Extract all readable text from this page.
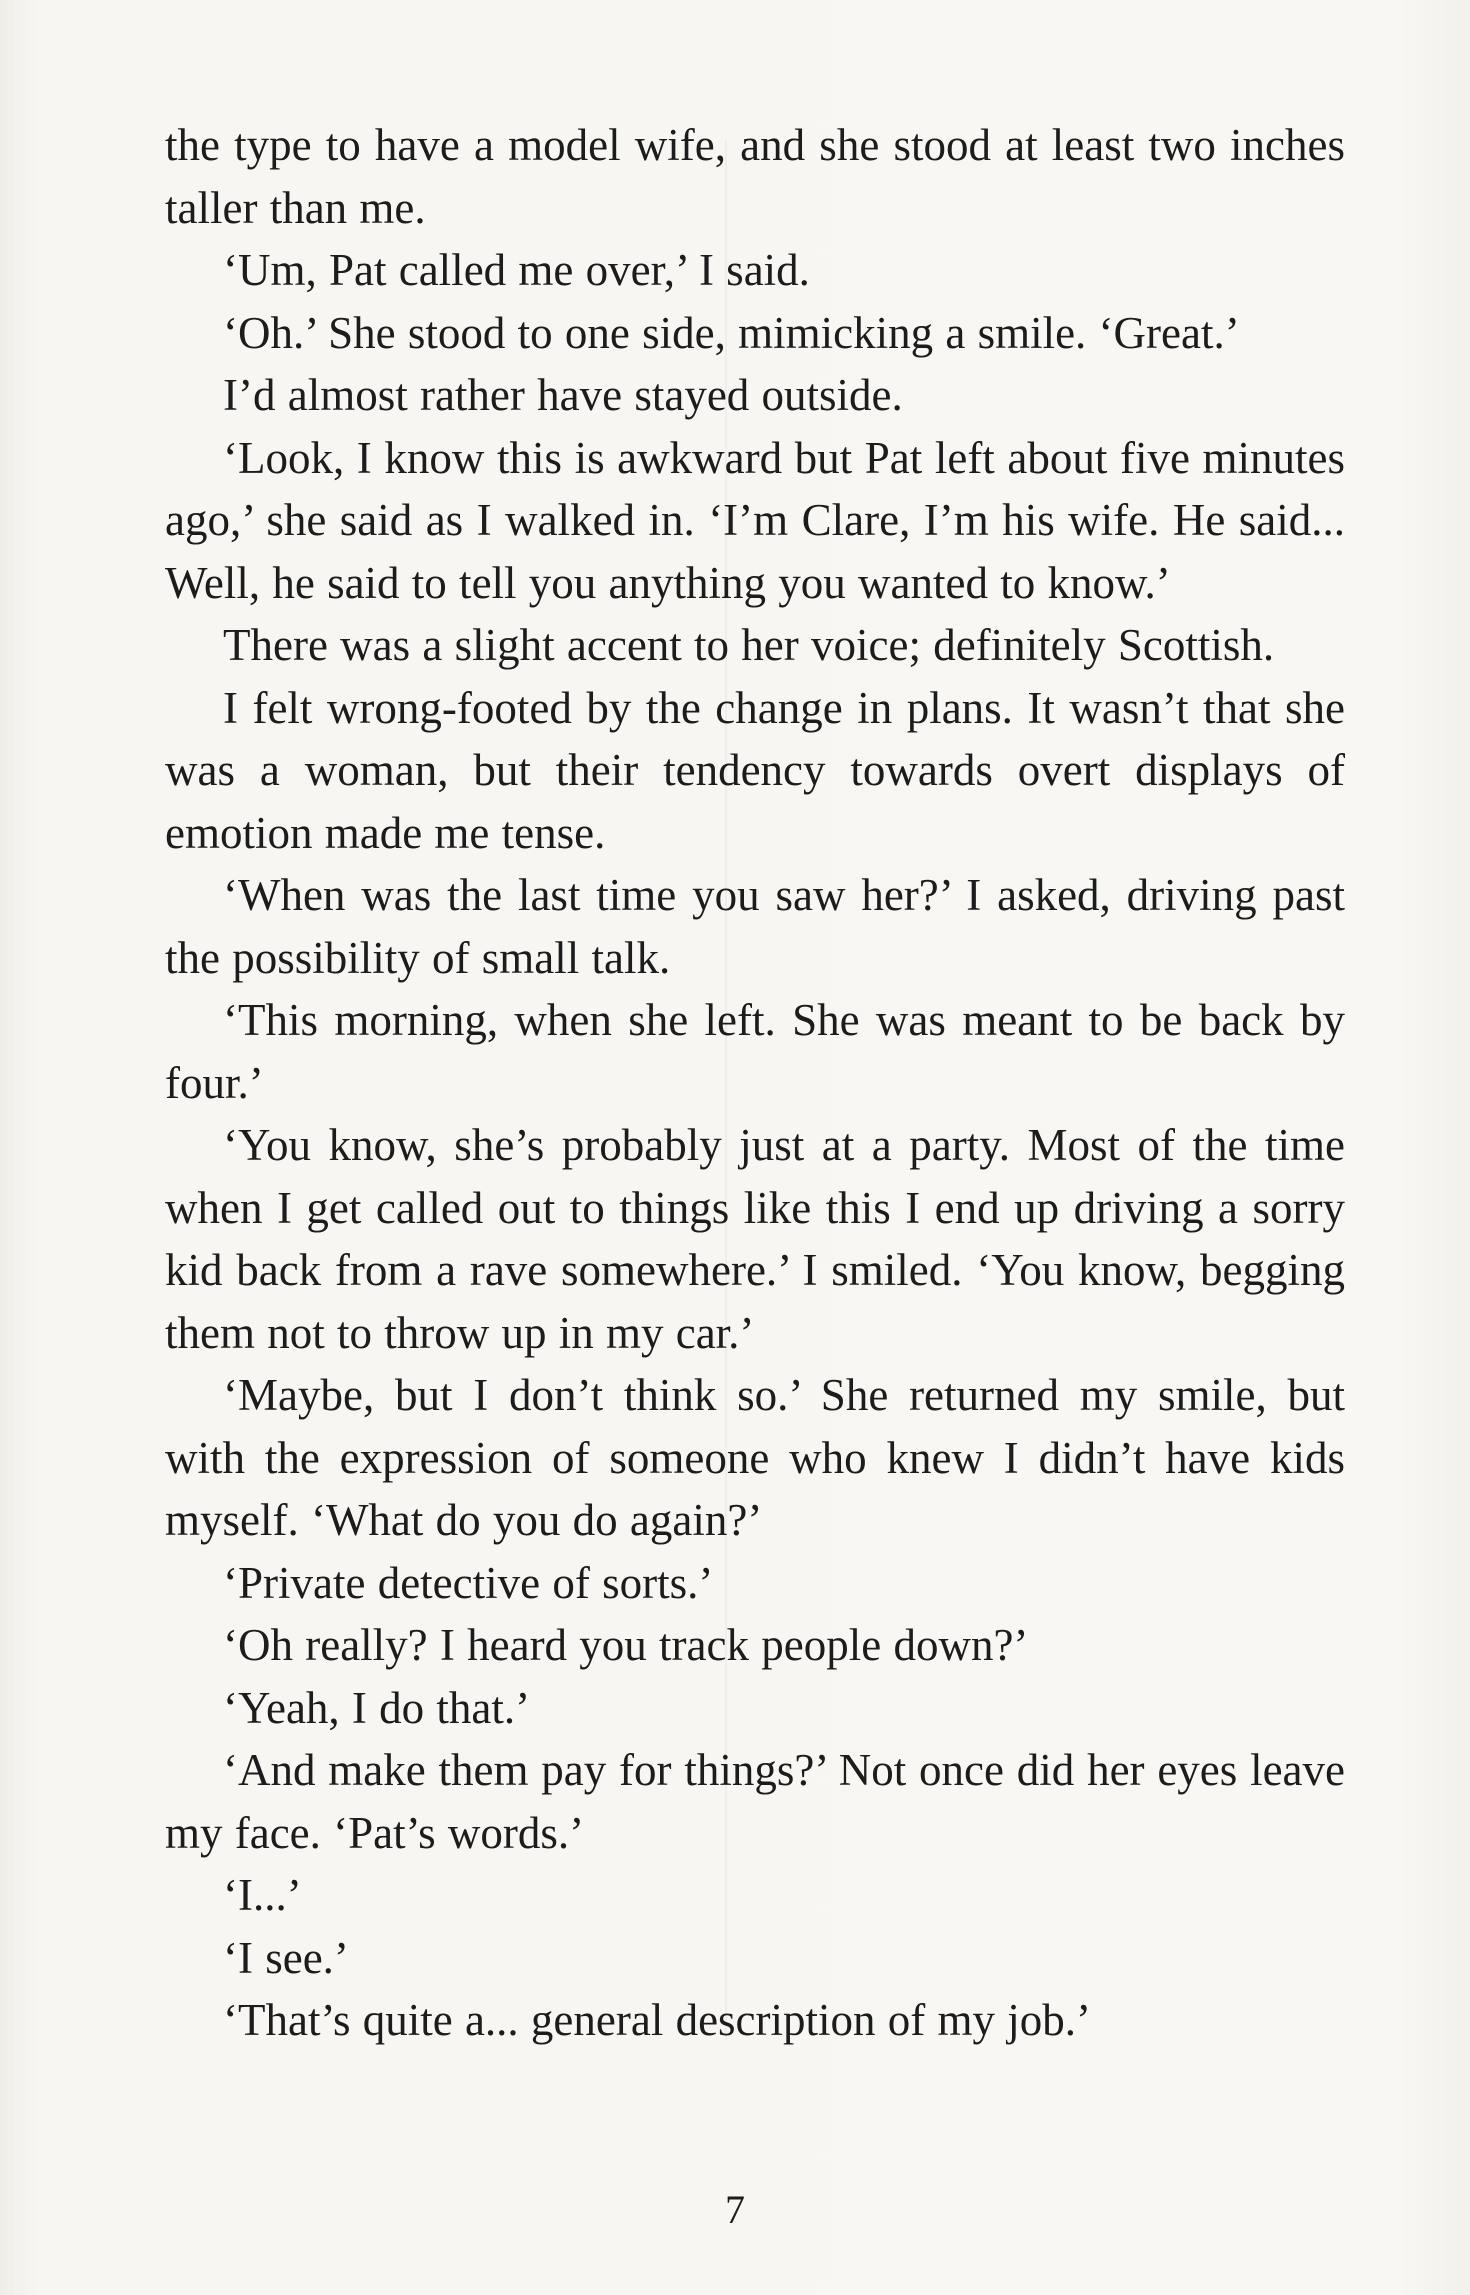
the type to have a model wife, and she stood at least two inches taller than me.

‘Um, Pat called me over,’ I said.

‘Oh.’ She stood to one side, mimicking a smile. ‘Great.’

I’d almost rather have stayed outside.

‘Look, I know this is awkward but Pat left about five minutes ago,’ she said as I walked in. ‘I’m Clare, I’m his wife. He said... Well, he said to tell you anything you wanted to know.’

There was a slight accent to her voice; definitely Scottish.

I felt wrong-footed by the change in plans. It wasn’t that she was a woman, but their tendency towards overt displays of emotion made me tense.

‘When was the last time you saw her?’ I asked, driving past the possibility of small talk.

‘This morning, when she left. She was meant to be back by four.’

‘You know, she’s probably just at a party. Most of the time when I get called out to things like this I end up driving a sorry kid back from a rave somewhere.’ I smiled. ‘You know, begging them not to throw up in my car.’

‘Maybe, but I don’t think so.’ She returned my smile, but with the expression of someone who knew I didn’t have kids myself. ‘What do you do again?’

‘Private detective of sorts.’

‘Oh really? I heard you track people down?’

‘Yeah, I do that.’

‘And make them pay for things?’ Not once did her eyes leave my face. ‘Pat’s words.’

‘I...’

‘I see.’

‘That’s quite a... general description of my job.’

7
